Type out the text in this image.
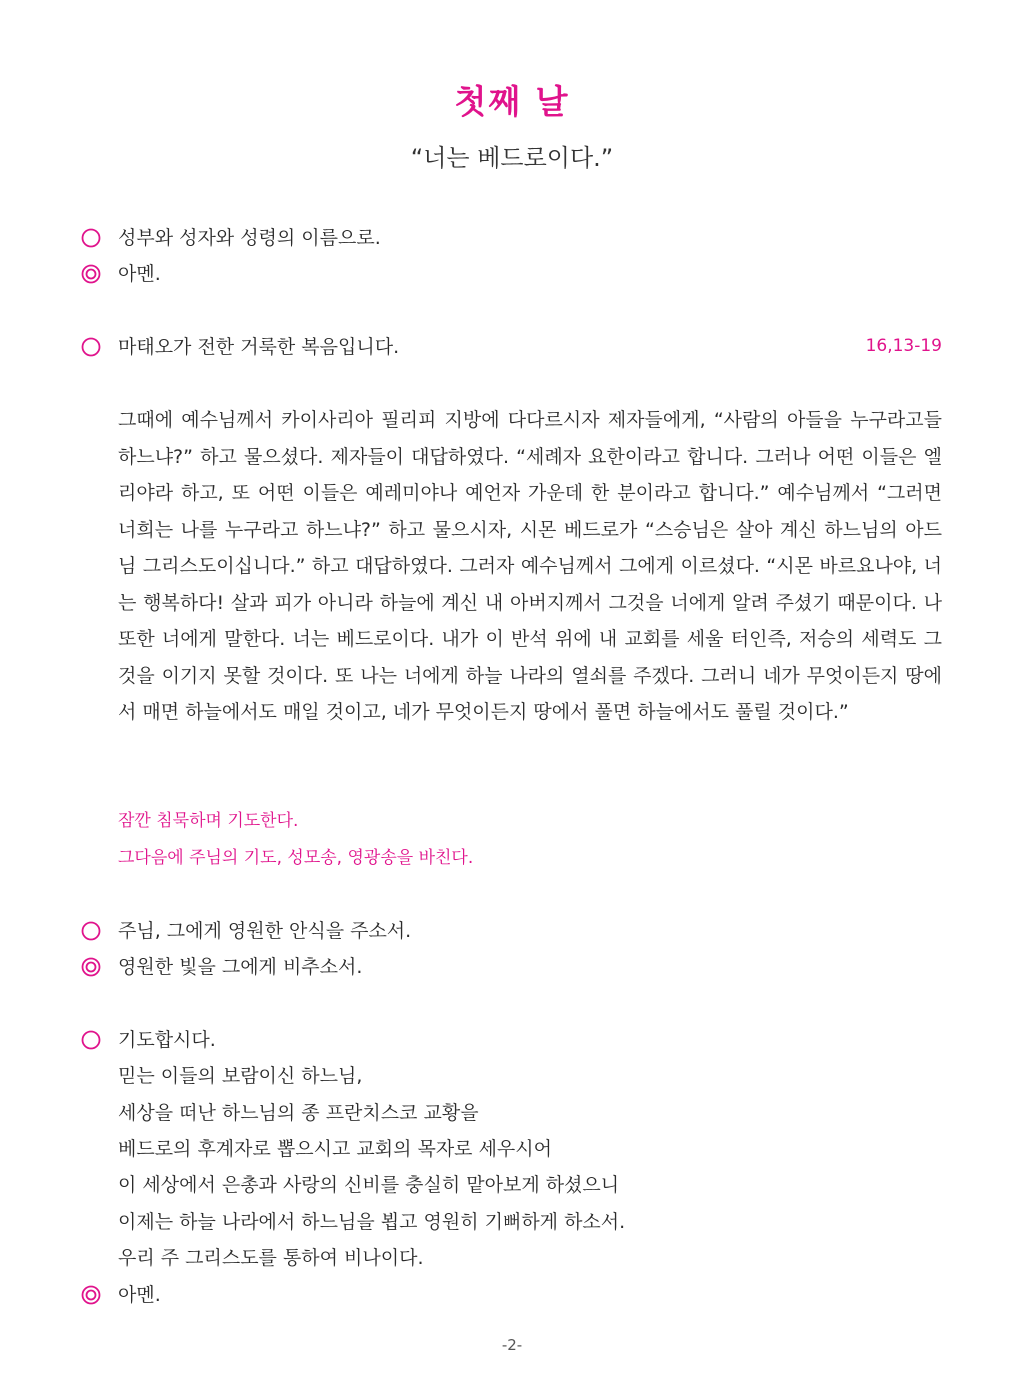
첫째 날
“너는 베드로이다.”
성부와 성자와 성령의 이름으로.
아멘.
마태오가 전한 거룩한 복음입니다.	16,13-19
그때에 예수님께서 카이사리아 필리피 지방에 다다르시자 제자들에게, “사람의 아들을 누구라고들 하느냐?” 하고 물으셨다. 제자들이 대답하였다. “세례자 요한이라고 합니다. 그러나 어떤 이들은 엘리야라 하고, 또 어떤 이들은 예레미야나 예언자 가운데 한 분이라고 합니다.” 예수님께서 “그러면 너희는 나를 누구라고 하느냐?” 하고 물으시자, 시몬 베드로가 “스승님은 살아 계신 하느님의 아드님 그리스도이십니다.” 하고 대답하였다. 그러자 예수님께서 그에게 이르셨다. “시몬 바르요나야, 너는 행복하다! 살과 피가 아니라 하늘에 계신 내 아버지께서 그것을 너에게 알려 주셨기 때문이다. 나 또한 너에게 말한다. 너는 베드로이다. 내가 이 반석 위에 내 교회를 세울 터인즉, 저승의 세력도 그것을 이기지 못할 것이다. 또 나는 너에게 하늘 나라의 열쇠를 주겠다. 그러니 네가 무엇이든지 땅에서 매면 하늘에서도 매일 것이고, 네가 무엇이든지 땅에서 풀면 하늘에서도 풀릴 것이다.”
잠깐 침묵하며 기도한다.
그다음에 주님의 기도, 성모송, 영광송을 바친다.
주님, 그에게 영원한 안식을 주소서.
영원한 빛을 그에게 비추소서.
기도합시다.
믿는 이들의 보람이신 하느님,
세상을 떠난 하느님의 종 프란치스코 교황을
베드로의 후계자로 뽑으시고 교회의 목자로 세우시어
이 세상에서 은총과 사랑의 신비를 충실히 맡아보게 하셨으니
이제는 하늘 나라에서 하느님을 뵙고 영원히 기뻐하게 하소서.
우리 주 그리스도를 통하여 비나이다.
아멘.
-2-
